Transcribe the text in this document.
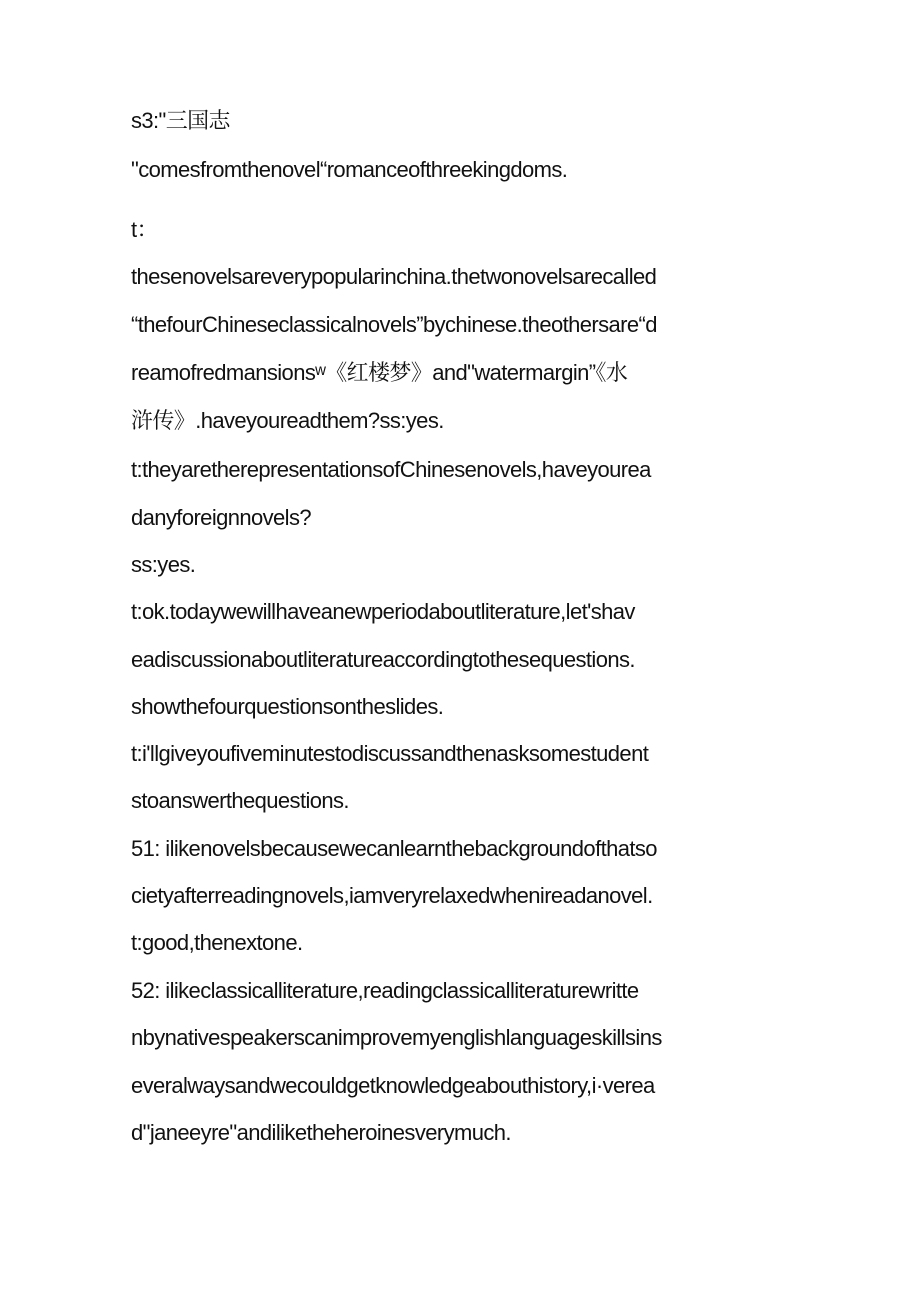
s3:"三国志
"comesfromthenovel“romanceofthreekingdoms.
t：
thesenovelsareverypopularinchina.thetwonovelsarecalled
“thefourChineseclassicalnovels”bychinese.theothersare“d
reamofredmansionsʷ《红楼梦》and"watermargin”《水
浒传》.haveyoureadthem?ss:yes.
t:theyaretherepresentationsofChinesenovels,haveyourea
danyforeignnovels?
ss:yes.
t:ok.todaywewillhaveanewperiodaboutliterature,let'shav
eadiscussionaboutliteratureaccordingtothesequestions.
showthefourquestionsontheslides.
t:i'llgiveyoufiveminutestodiscussandthenasksomestudent
stoanswerthequestions.
51: ilikenovelsbecausewecanlearnthebackgroundofthatso
cietyafterreadingnovels,iamveryrelaxedwhenireadanovel.
t:good,thenextone.
52: ilikeclassicalliterature,readingclassicalliteraturewritte
nbynativespeakerscanimprovemyenglishlanguageskillsins
everalwaysandwecouldgetknowledgeabouthistory,i·verea
d"janeeyre"andiliketheheroinesverymuch.
